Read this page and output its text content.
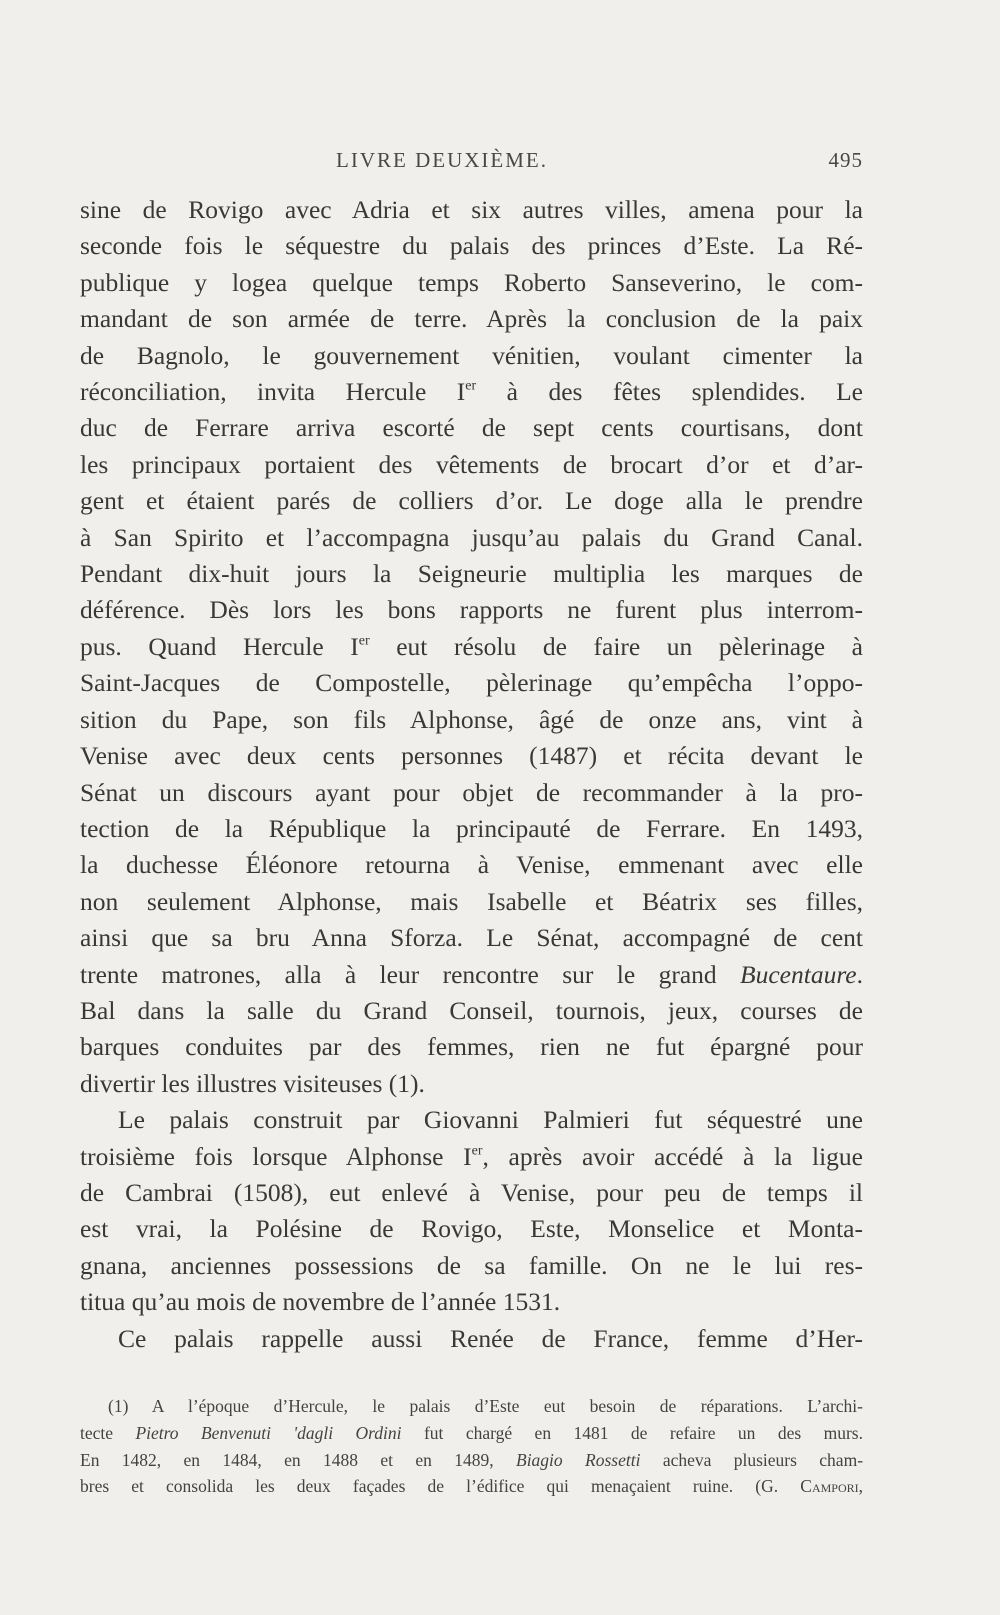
LIVRE DEUXIÈME.	495
sine de Rovigo avec Adria et six autres villes, amena pour la
seconde fois le séquestre du palais des princes d’Este. La Ré-
publique y logea quelque temps Roberto Sanseverino, le com-
mandant de son armée de terre. Après la conclusion de la paix
de Bagnolo, le gouvernement vénitien, voulant cimenter la
réconciliation, invita Hercule Ier à des fêtes splendides. Le
duc de Ferrare arriva escorté de sept cents courtisans, dont
les principaux portaient des vêtements de brocart d’or et d’ar-
gent et étaient parés de colliers d’or. Le doge alla le prendre
à San Spirito et l’accompagna jusqu’au palais du Grand Canal.
Pendant dix-huit jours la Seigneurie multiplia les marques de
déférence. Dès lors les bons rapports ne furent plus interrom-
pus. Quand Hercule Ier eut résolu de faire un pèlerinage à
Saint-Jacques de Compostelle, pèlerinage qu’empêcha l’oppo-
sition du Pape, son fils Alphonse, âgé de onze ans, vint à
Venise avec deux cents personnes (1487) et récita devant le
Sénat un discours ayant pour objet de recommander à la pro-
tection de la République la principauté de Ferrare. En 1493,
la duchesse Éléonore retourna à Venise, emmenant avec elle
non seulement Alphonse, mais Isabelle et Béatrix ses filles,
ainsi que sa bru Anna Sforza. Le Sénat, accompagné de cent
trente matrones, alla à leur rencontre sur le grand Bucentaure.
Bal dans la salle du Grand Conseil, tournois, jeux, courses de
barques conduites par des femmes, rien ne fut épargné pour
divertir les illustres visiteuses (1).
Le palais construit par Giovanni Palmieri fut séquestré une
troisième fois lorsque Alphonse Ier, après avoir accédé à la ligue
de Cambrai (1508), eut enlevé à Venise, pour peu de temps il
est vrai, la Polésine de Rovigo, Este, Monselice et Monta-
gnana, anciennes possessions de sa famille. On ne le lui res-
titua qu’au mois de novembre de l’année 1531.
Ce palais rappelle aussi Renée de France, femme d’Her-
(1) A l’époque d’Hercule, le palais d’Este eut besoin de réparations. L’archi-
tecte Pietro Benvenuti 'dagli Ordini fut chargé en 1481 de refaire un des murs.
En 1482, en 1484, en 1488 et en 1489, Biagio Rossetti acheva plusieurs cham-
bres et consolida les deux façades de l’édifice qui menaçaient ruine. (G. Campori,
